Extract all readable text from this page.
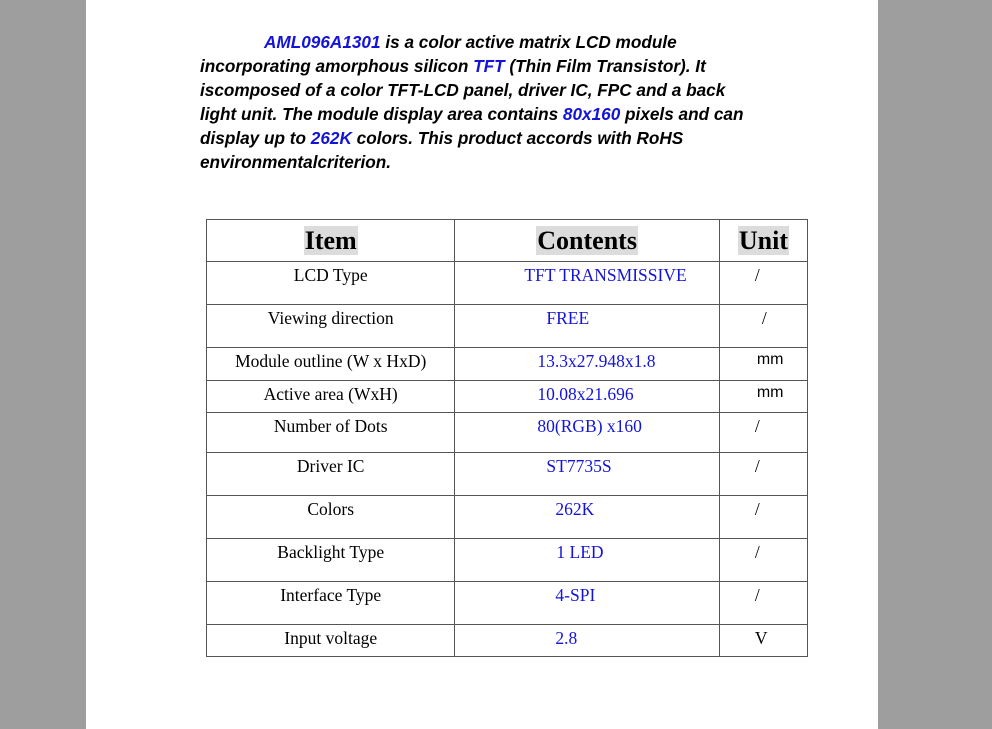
AML096A1301 is a color active matrix LCD module
incorporating amorphous silicon TFT (Thin Film Transistor). It
iscomposed of a color TFT-LCD panel, driver IC, FPC and a back
light unit. The module display area contains 80x160 pixels and can
display up to 262K colors. This product accords with RoHS
environmentalcriterion.

Item	Contents	Unit

LCD Type	TFT TRANSMISSIVE	/

Viewing direction	FREE	/

Module outline (W x HxD)	13.3x27.948x1.8	mm

Active area (WxH)	10.08x21.696	mm

Number of Dots	80(RGB) x160	/

Driver IC	ST7735S	/

Colors	262K	/

Backlight Type	1 LED	/

Interface Type	4-SPI	/

Input voltage	2.8	V
